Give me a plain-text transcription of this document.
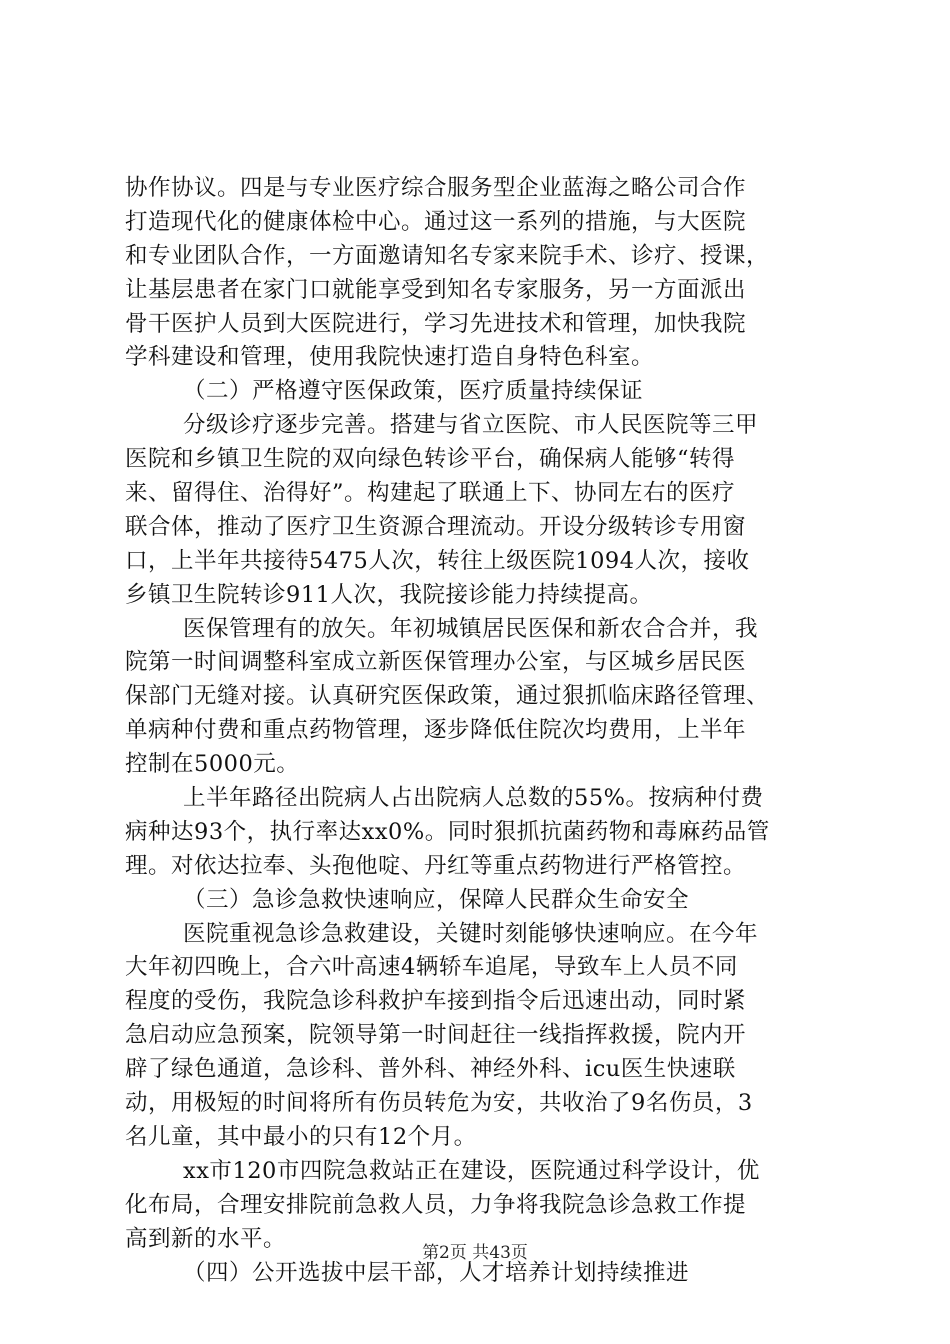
协作协议。四是与专业医疗综合服务型企业蓝海之略公司合作
打造现代化的健康体检中心。通过这一系列的措施，与大医院
和专业团队合作，一方面邀请知名专家来院手术、诊疗、授课，
让基层患者在家门口就能享受到知名专家服务，另一方面派出
骨干医护人员到大医院进行，学习先进技术和管理，加快我院
学科建设和管理，使用我院快速打造自身特色科室。
（二）严格遵守医保政策，医疗质量持续保证
分级诊疗逐步完善。搭建与省立医院、市人民医院等三甲
医院和乡镇卫生院的双向绿色转诊平台，确保病人能够“转得
来、留得住、治得好”。构建起了联通上下、协同左右的医疗
联合体，推动了医疗卫生资源合理流动。开设分级转诊专用窗
口，上半年共接待5475人次，转往上级医院1094人次，接收
乡镇卫生院转诊911人次，我院接诊能力持续提高。
医保管理有的放矢。年初城镇居民医保和新农合合并，我
院第一时间调整科室成立新医保管理办公室，与区城乡居民医
保部门无缝对接。认真研究医保政策，通过狠抓临床路径管理、
单病种付费和重点药物管理，逐步降低住院次均费用，上半年
控制在5000元。
上半年路径出院病人占出院病人总数的55%。按病种付费
病种达93个，执行率达xx0%。同时狠抓抗菌药物和毒麻药品管
理。对依达拉奉、头孢他啶、丹红等重点药物进行严格管控。
（三）急诊急救快速响应，保障人民群众生命安全
医院重视急诊急救建设，关键时刻能够快速响应。在今年
大年初四晚上，合六叶高速4辆轿车追尾，导致车上人员不同
程度的受伤，我院急诊科救护车接到指令后迅速出动，同时紧
急启动应急预案，院领导第一时间赶往一线指挥救援，院内开
辟了绿色通道，急诊科、普外科、神经外科、icu医生快速联
动，用极短的时间将所有伤员转危为安，共收治了9名伤员，3
名儿童，其中最小的只有12个月。
xx市120市四院急救站正在建设，医院通过科学设计，优
化布局，合理安排院前急救人员，力争将我院急诊急救工作提
高到新的水平。
（四）公开选拔中层干部，人才培养计划持续推进
第2页 共43页
